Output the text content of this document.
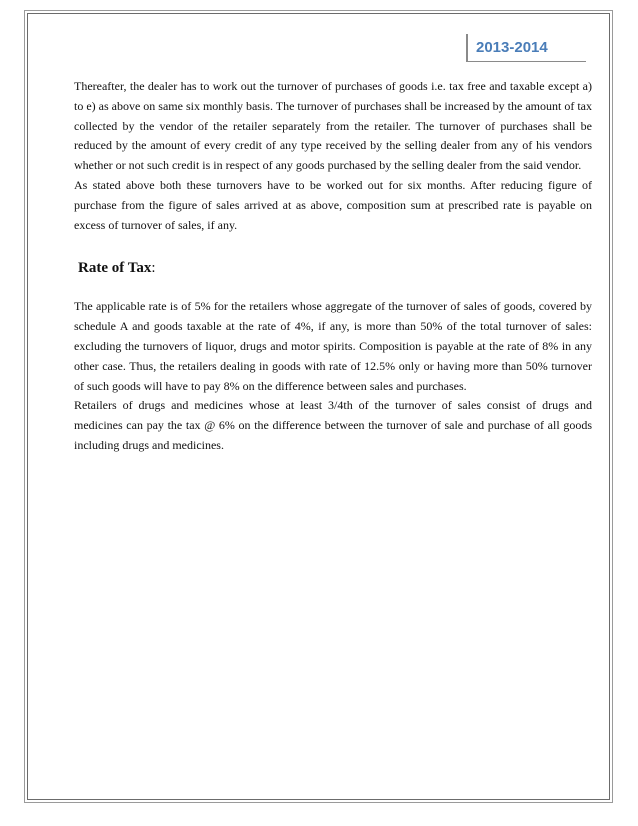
2013-2014

Thereafter, the dealer has to work out the turnover of purchases of goods i.e. tax free and taxable except a) to e) as above on same six monthly basis. The turnover of purchases shall be increased by the amount of tax collected by the vendor of the retailer separately from the retailer. The turnover of purchases shall be reduced by the amount of every credit of any type received by the selling dealer from any of his vendors whether or not such credit is in respect of any goods purchased by the selling dealer from the said vendor.

As stated above both these turnovers have to be worked out for six months. After reducing figure of purchase from the figure of sales arrived at as above, composition sum at prescribed rate is payable on excess of turnover of sales, if any.

Rate of Tax:

The applicable rate is of 5% for the retailers whose aggregate of the turnover of sales of goods, covered by schedule A and goods taxable at the rate of 4%, if any, is more than 50% of the total turnover of sales: excluding the turnovers of liquor, drugs and motor spirits. Composition is payable at the rate of 8% in any other case. Thus, the retailers dealing in goods with rate of 12.5% only or having more than 50% turnover of such goods will have to pay 8% on the difference between sales and purchases.

Retailers of drugs and medicines whose at least 3/4th of the turnover of sales consist of drugs and medicines can pay the tax @ 6% on the difference between the turnover of sale and purchase of all goods including drugs and medicines.
